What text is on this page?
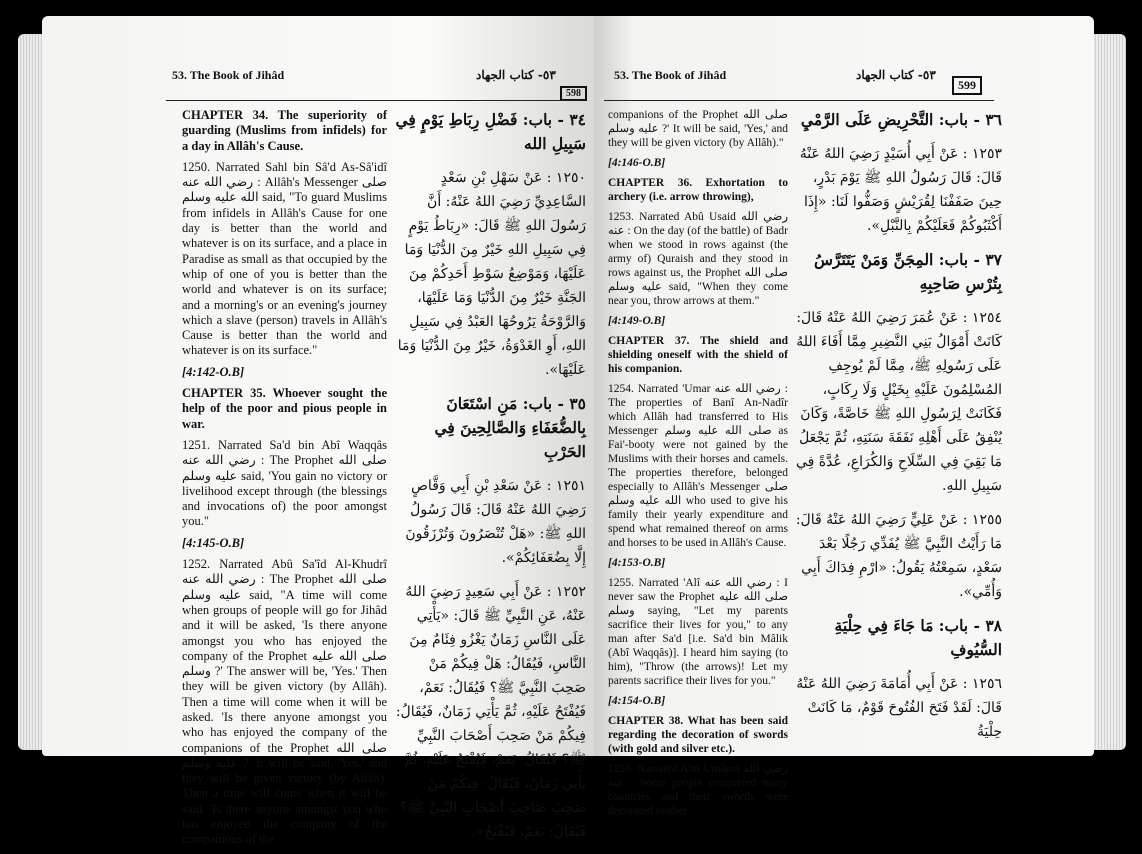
53. The Book of Jihâd	٥٣- كتاب الجهاد
598

CHAPTER 34. The superiority of guarding (Muslims from infidels) for a day in Allâh's Cause.

1250. Narrated Sahl bin Sâ'd As-Sâ'idî رضي الله عنه : Allâh's Messenger صلى الله عليه وسلم said, "To guard Muslims from infidels in Allâh's Cause for one day is better than the world and whatever is on its surface, and a place in Paradise as small as that occupied by the whip of one of you is better than the world and whatever is on its surface; and a morning's or an evening's journey which a slave (person) travels in Allâh's Cause is better than the world and whatever is on its surface."

[4:142-O.B]

CHAPTER 35. Whoever sought the help of the poor and pious people in war.

1251. Narrated Sa'd bin Abî Waqqâs رضي الله عنه : The Prophet صلى الله عليه وسلم said, 'You gain no victory or livelihood except through (the blessings and invocations of) the poor amongst you."

[4:145-O.B]

1252. Narrated Abû Sa'îd Al-Khudrî رضي الله عنه : The Prophet صلى الله عليه وسلم said, "A time will come when groups of people will go for Jihâd and it will be asked, 'Is there anyone amongst you who has enjoyed the company of the Prophet صلى الله عليه وسلم ?' The answer will be, 'Yes.' Then they will be given victory (by Allâh). Then a time will come when it will be asked. 'Is there anyone amongst you who has enjoyed the company of the companions of the Prophet صلى الله عليه وسلم ?' It will be said, 'Yes,' and they will be given victory (by Allâh). Then a time will come when it will be said. 'Is there anyone amongst you who has enjoyed the company of the companions of the

٣٤ - باب: فَضْلِ رِبَاطِ يَوْمٍ فِي سَبِيلِ الله

١٢٥٠ : عَنْ سَهْلِ بْنِ سَعْدٍ السَّاعِدِيِّ رَضِيَ اللهُ عَنْهُ: أَنَّ رَسُولَ اللهِ ﷺ قَالَ: «رِبَاطُ يَوْمٍ فِي سَبِيلِ اللهِ خَيْرٌ مِنَ الدُّنْيَا وَمَا عَلَيْهَا، وَمَوْضِعُ سَوْطِ أَحَدِكُمْ مِنَ الجَنَّةِ خَيْرٌ مِنَ الدُّنْيَا وَمَا عَلَيْهَا، وَالرَّوْحَةُ يَرُوحُهَا العَبْدُ فِي سَبِيلِ اللهِ، أَوِ الغَدْوَةُ، خَيْرٌ مِنَ الدُّنْيَا وَمَا عَلَيْهَا».

٣٥ - باب: مَنِ اسْتَعَانَ بِالضُّعَفَاءِ وَالصَّالِحِينَ فِي الحَرْبِ

١٢٥١ : عَنْ سَعْدِ بْنِ أَبِي وَقَّاصٍ رَضِيَ اللهُ عَنْهُ قَالَ: قَالَ رَسُولُ اللهِ ﷺ: «هَلْ تُنْصَرُونَ وَتُرْزَقُونَ إِلَّا بِضُعَفَائِكُمْ».

١٢٥٢ : عَنْ أَبِي سَعِيدٍ رَضِيَ اللهُ عَنْهُ، عَنِ النَّبِيِّ ﷺ قَالَ: «يَأْتِي عَلَى النَّاسِ زَمَانٌ يَغْزُو فِئَامٌ مِنَ النَّاسِ، فَيُقَالُ: هَلْ فِيكُمْ مَنْ صَحِبَ النَّبِيَّ ﷺ؟ فَيُقَالُ: نَعَمْ، فَيُفْتَحُ عَلَيْهِ، ثُمَّ يَأْتِي زَمَانٌ، فَيُقَالُ: فِيكُمْ مَنْ صَحِبَ أَصْحَابَ النَّبِيِّ ﷺ؟ فَيُقَالُ: نَعَمْ، فَيُفْتَحُ عَلَيْهِ، ثُمَّ يَأْتِي زَمَانٌ، فَيُقَالُ: فِيكُمْ مَنْ صَحِبَ صَاحِبَ أَصْحَابِ النَّبِيِّ ﷺ؟ فَيُقَالُ: نَعَمْ، فَيُفْتَحُ».

53. The Book of Jihâd	٥٣- كتاب الجهاد
599

companions of the Prophet صلى الله عليه وسلم ?' It will be said, 'Yes,' and they will be given victory (by Allâh)."

[4:146-O.B]

CHAPTER 36. Exhortation to archery (i.e. arrow throwing),

1253. Narrated Abû Usaid رضي الله عنه : On the day (of the battle) of Badr when we stood in rows against (the army of) Quraish and they stood in rows against us, the Prophet صلى الله عليه وسلم said, "When they come near you, throw arrows at them."

[4:149-O.B]

CHAPTER 37. The shield and shielding oneself with the shield of his companion.

1254. Narrated 'Umar رضي الله عنه : The properties of Banî An-Nadîr which Allâh had transferred to His Messenger صلى الله عليه وسلم as Fai'-booty were not gained by the Muslims with their horses and camels. The properties therefore, belonged especially to Allâh's Messenger صلى الله عليه وسلم who used to give his family their yearly expenditure and spend what remained thereof on arms and horses to be used in Allâh's Cause.

[4:153-O.B]

1255. Narrated 'Alî رضي الله عنه : I never saw the Prophet صلى الله عليه وسلم saying, "Let my parents sacrifice their lives for you," to any man after Sa'd [i.e. Sa'd bin Mâlik (Abî Waqqâs)]. I heard him saying (to him), "Throw (the arrows)! Let my parents sacrifice their lives for you."

[4:154-O.B]

CHAPTER 38. What has been said regarding the decoration of swords (with gold and silver etc.).

1256. Narrated Abû Umâma رضي الله عنه : Some people conquered many countries and their swords were decorated neither

٣٦ - باب: التَّحْرِيضِ عَلَى الرَّمْيِ

١٢٥٣ : عَنْ أَبِي أُسَيْدٍ رَضِيَ اللهُ عَنْهُ قَالَ: قَالَ رَسُولُ اللهِ ﷺ يَوْمَ بَدْرٍ، حِينَ صَفَفْنَا لِقُرَيْشٍ وَصَفُّوا لَنَا: «إِذَا أَكْثَبُوكُمْ فَعَلَيْكُمْ بِالنَّبْلِ».

٣٧ - باب: المِجَنِّ وَمَنْ يَتَتَرَّسُ بِتُرْسِ صَاحِبِهِ

١٢٥٤ : عَنْ عُمَرَ رَضِيَ اللهُ عَنْهُ قَالَ: كَانَتْ أَمْوَالُ بَنِي النَّضِيرِ مِمَّا أَفَاءَ اللهُ عَلَى رَسُولِهِ ﷺ، مِمَّا لَمْ يُوجِفِ المُسْلِمُونَ عَلَيْهِ بِخَيْلٍ وَلَا رِكَابٍ، فَكَانَتْ لِرَسُولِ اللهِ ﷺ خَاصَّةً، وَكَانَ يُنْفِقُ عَلَى أَهْلِهِ نَفَقَةَ سَنَتِهِ، ثُمَّ يَجْعَلُ مَا بَقِيَ فِي السِّلَاحِ وَالكُرَاعِ، عُدَّةً فِي سَبِيلِ اللهِ.

١٢٥٥ : عَنْ عَلِيٍّ رَضِيَ اللهُ عَنْهُ قَالَ: مَا رَأَيْتُ النَّبِيَّ ﷺ يُفَدِّي رَجُلًا بَعْدَ سَعْدٍ، سَمِعْتُهُ يَقُولُ: «ارْمِ فِدَاكَ أَبِي وَأُمِّي».

٣٨ - باب: مَا جَاءَ فِي حِلْيَةِ السُّيُوفِ

١٢٥٦ : عَنْ أَبِي أُمَامَةَ رَضِيَ اللهُ عَنْهُ قَالَ: لَقَدْ فَتَحَ الفُتُوحَ قَوْمٌ، مَا كَانَتْ حِلْيَةُ
